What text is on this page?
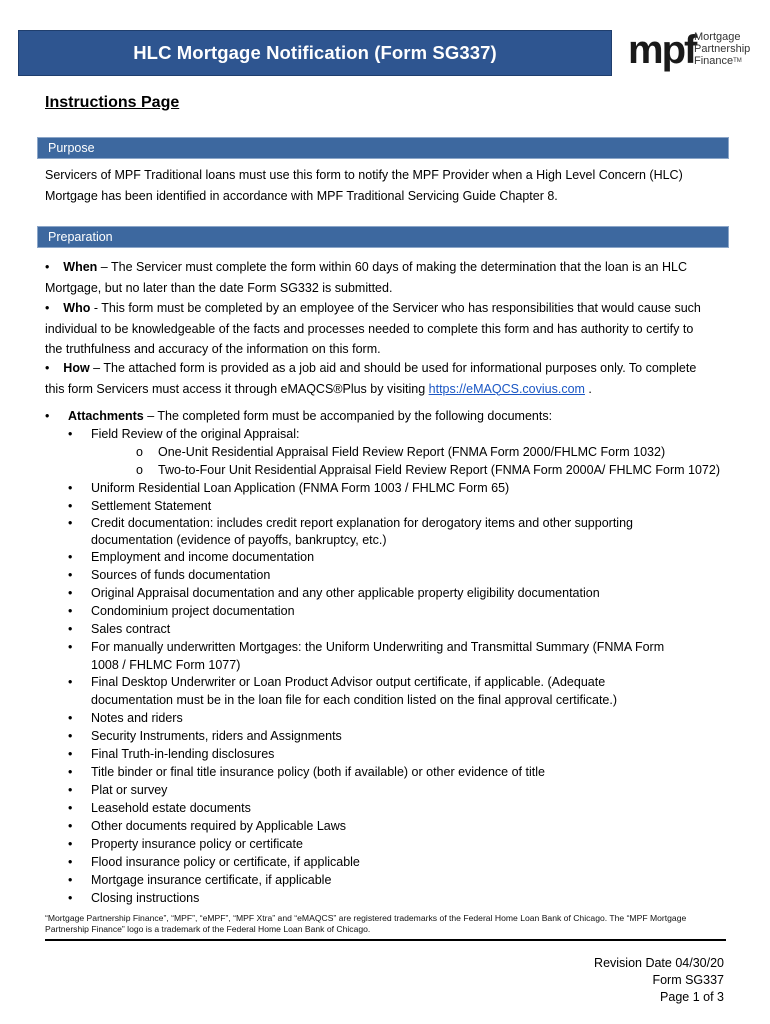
HLC Mortgage Notification (Form SG337)	mpf
Mortgage
Partnership
Finance™
Instructions Page
Purpose
Servicers of MPF Traditional loans must use this form to notify the MPF Provider when a High Level Concern (HLC)
Mortgage has been identified in accordance with MPF Traditional Servicing Guide Chapter 8.
Preparation
• When – The Servicer must complete the form within 60 days of making the determination that the loan is an HLC
Mortgage, but no later than the date Form SG332 is submitted.
• Who - This form must be completed by an employee of the Servicer who has responsibilities that would cause such
individual to be knowledgeable of the facts and processes needed to complete this form and has authority to certify to
the truthfulness and accuracy of the information on this form.
• How – The attached form is provided as a job aid and should be used for informational purposes only. To complete
this form Servicers must access it through eMAQCS®Plus by visiting https://eMAQCS.covius.com .
•	Attachments – The completed form must be accompanied by the following documents:
•	Field Review of the original Appraisal:
o	One-Unit Residential Appraisal Field Review Report (FNMA Form 2000/FHLMC Form 1032)
o	Two-to-Four Unit Residential Appraisal Field Review Report (FNMA Form 2000A/ FHLMC Form 1072)
•	Uniform Residential Loan Application (FNMA Form 1003 / FHLMC Form 65)
•	Settlement Statement
•	Credit documentation: includes credit report explanation for derogatory items and other supporting
documentation (evidence of payoffs, bankruptcy, etc.)
•	Employment and income documentation
•	Sources of funds documentation
•	Original Appraisal documentation and any other applicable property eligibility documentation
•	Condominium project documentation
•	Sales contract
•	For manually underwritten Mortgages: the Uniform Underwriting and Transmittal Summary (FNMA Form
1008 / FHLMC Form 1077)
•	Final Desktop Underwriter or Loan Product Advisor output certificate, if applicable. (Adequate
documentation must be in the loan file for each condition listed on the final approval certificate.)
•	Notes and riders
•	Security Instruments, riders and Assignments
•	Final Truth-in-lending disclosures
•	Title binder or final title insurance policy (both if available) or other evidence of title
•	Plat or survey
•	Leasehold estate documents
•	Other documents required by Applicable Laws
•	Property insurance policy or certificate
•	Flood insurance policy or certificate, if applicable
•	Mortgage insurance certificate, if applicable
•	Closing instructions
“Mortgage Partnership Finance”, “MPF”, “eMPF”, “MPF Xtra” and “eMAQCS” are registered trademarks of the Federal Home Loan Bank of Chicago. The “MPF Mortgage
Partnership Finance” logo is a trademark of the Federal Home Loan Bank of Chicago.
Revision Date 04/30/20
Form SG337
Page 1 of 3
